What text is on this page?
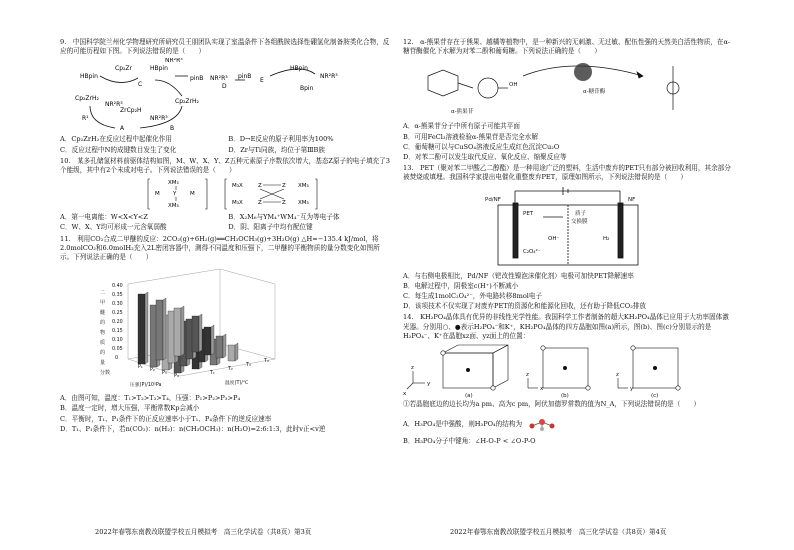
9.　中国科学院兰州化学物理研究所研究员王朋团队实现了室温条件下各组酰胺选择性硼氢化制备胺类化合物，反应的可能历程如下图。下列说法错误的是（　　）
HBpin
Cp₂Zr	HBpin
NR²R³
C
pinB NR²R³
D
pinB
E
HBpin
NR²R³
Bpin
Cp₂ZrH₂
NR²R³	Cp₂ZrH₂
ZrCp₂H
R¹	NR²R³
A	B
A．Cp₂ZrH₂在反应过程中起催化作用	B．D→E反应的原子利用率为100%
C．反应过程中N的成键数目发生了变化	D．Zr与Ti同族，均位于第ⅢB族
10.　某多孔储氢材料前驱体结构如图，M、W、X、Y、Z五种元素原子序数依次增大，基态Z原子的电子填充了3个能级，其中有2个未成对电子。下列说法错误的是（　　）
XM₃
M Y M
XM₃
M₃X	Z	Z XM₃
M₃X	Z	Z XM₃
A．第一电离能：W<X<Y<Z	B．X₂M₆与YM₄⁺WM₄⁻互为等电子体
C．W、X、Y均可形成一元含氧弱酸	D．阴、阳离子中均有配位键
11.　利用CO₂合成二甲醚的反应：2CO₂(g)+6H₂(g)══CH₃OCH₃(g)+3H₂O(g) △H=−135.4 kJ/mol，将2.0molCO₂和6.0molH₂充入2L密闭容器中，测得不同温度和压强下，二甲醚的平衡物质的量分数变化如图所示。下列说法正确的是（　　）
二
甲
醚
的
物
质
的
量
分数
0.40
0.35
0.30
0.25
0.20
0.15
0.10
0.05
0
P₁
P₂
P₃
P₄
T₁
T₂
T₃
T₄
压强(P)/10⁵Pa	温度(T)/℃
A．由图可知，温度：T₁>T₂>T₃>T₄，压强：P₁>P₂>P₃>P₄
B．温度一定时，增大压强，平衡常数Kp会减小
C．平衡时，T₁、P₁条件下的正反应速率小于T₁、P₄条件下的逆反应速率
D．T₁、P₁条件下，若n(CO₂)：n(H₂)：n(CH₃OCH₃)：n(H₂O)=2:6:1:3，此时v正<v逆
12.　α-熊果苷存在于熊果、越橘等植物中，是一种新兴的无刺激、无过敏、配伍性强的天然美白活性物质，在α-糖苷酶催化下水解为对苯二酚和葡萄糖。下列说法正确的是（　　）
OH
α-糖苷酶
α-熊果苷
A．α-熊果苷分子中所有原子可能共平面
B．可用FeCl₃溶液检验α-熊果苷是否完全水解
C．葡萄糖可以与CuSO₄溶液反应生成红色沉淀Cu₂O
D．对苯二酚可以发生取代反应、氧化反应、缩聚反应等
13.　PET（聚对苯二甲酸乙二醇酯）是一种用途广泛的塑料，生活中废弃的PET只有部分被回收利用，其余部分被焚烧或填埋。我国科学家提出电催化重整废弃PET，原理如图所示，下列说法错误的是（　　）
Pd/NF	NF
PET	质子
交换膜
H₂
C₂O₄²⁻
OH⁻
A．与右侧电极相比，Pd/NF（钯改性镍泡沫催化剂）电极可加快PET降解速率
B．电解过程中，阴极室c(H⁺)不断减小
C．每生成1molC₂O₄²⁻，外电路转移8mol电子
D．该项技术不仅实现了对废弃PET的资源化和能源化回收，还有助于降低CO₂排放
14.　KH₂PO₄晶体具有优异的非线性光学性能。我国科学工作者制备的超大KH₂PO₄晶体已应用于大功率固体激光器。分别用○、●表示H₂PO₄⁻和K⁺，KH₂PO₄晶体的四方晶胞如图(a)所示，图(b)、图(c)分别显示的是H₂PO₄⁻、K⁺在晶胞xz面、yz面上的位置：
z
y
x
x
z	z
y
(a)	(b)	(c)
①若晶胞底边的边长均为a pm、高为c pm，阿伏加德罗常数的值为N_A，下列说法错误的是（　　）
A．H₃PO₄是中强酸，则H₃PO₄的结构为
B．H₃PO₄分子中键角：∠H-O-P < ∠O-P-O
2022年春鄂东南教改联盟学校五月模拟考　高三化学试卷（共8页）第3页	2022年春鄂东南教改联盟学校五月模拟考　高三化学试卷（共8页）第4页
